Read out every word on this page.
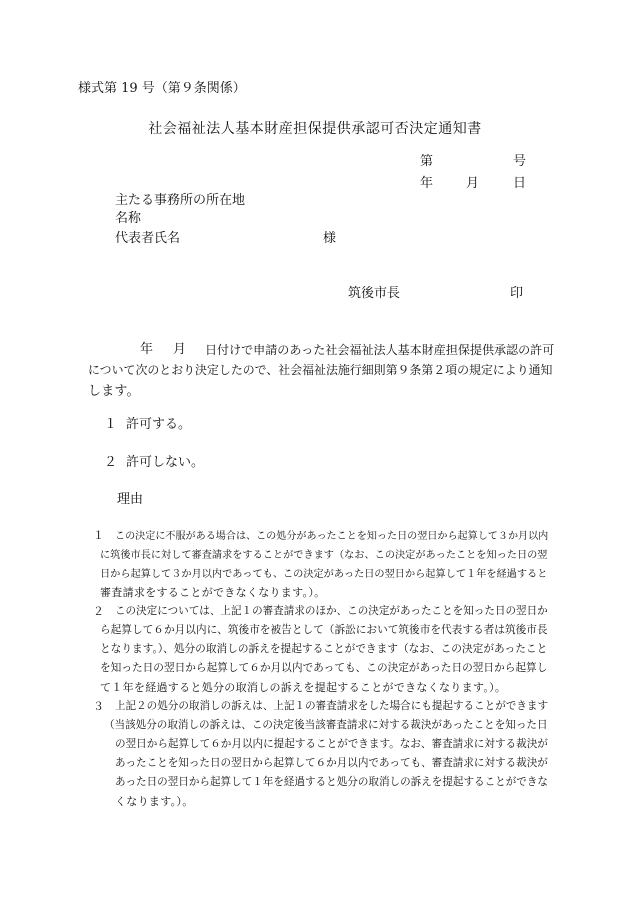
様式第 19 号（第９条関係）
社会福祉法人基本財産担保提供承認可否決定通知書
第	号
年	月	日
主たる事務所の所在地
名称
代表者氏名	様
筑後市長	印
年 月 日付けで申請のあった社会福祉法人基本財産担保提供承認の許可
について次のとおり決定したので、社会福祉法施行細則第９条第２項の規定により通知
します。
１ 許可する。
２ 許可しない。
理由
１ この決定に不服がある場合は、この処分があったことを知った日の翌日から起算して３か月以内
に筑後市長に対して審査請求をすることができます（なお、この決定があったことを知った日の翌
日から起算して３か月以内であっても、この決定があった日の翌日から起算して１年を経過すると
審査請求をすることができなくなります。）。
２ この決定については、上記１の審査請求のほか、この決定があったことを知った日の翌日か
ら起算して６か月以内に、筑後市を被告として（訴訟において筑後市を代表する者は筑後市長
となります。）、処分の取消しの訴えを提起することができます（なお、この決定があったこと
を知った日の翌日から起算して６か月以内であっても、この決定があった日の翌日から起算し
て１年を経過すると処分の取消しの訴えを提起することができなくなります。）。
３ 上記２の処分の取消しの訴えは、上記１の審査請求をした場合にも提起することができます
（当該処分の取消しの訴えは、この決定後当該審査請求に対する裁決があったことを知った日
の翌日から起算して６か月以内に提起することができます。なお、審査請求に対する裁決が
あったことを知った日の翌日から起算して６か月以内であっても、審査請求に対する裁決が
あった日の翌日から起算して１年を経過すると処分の取消しの訴えを提起することができな
くなります。）。
